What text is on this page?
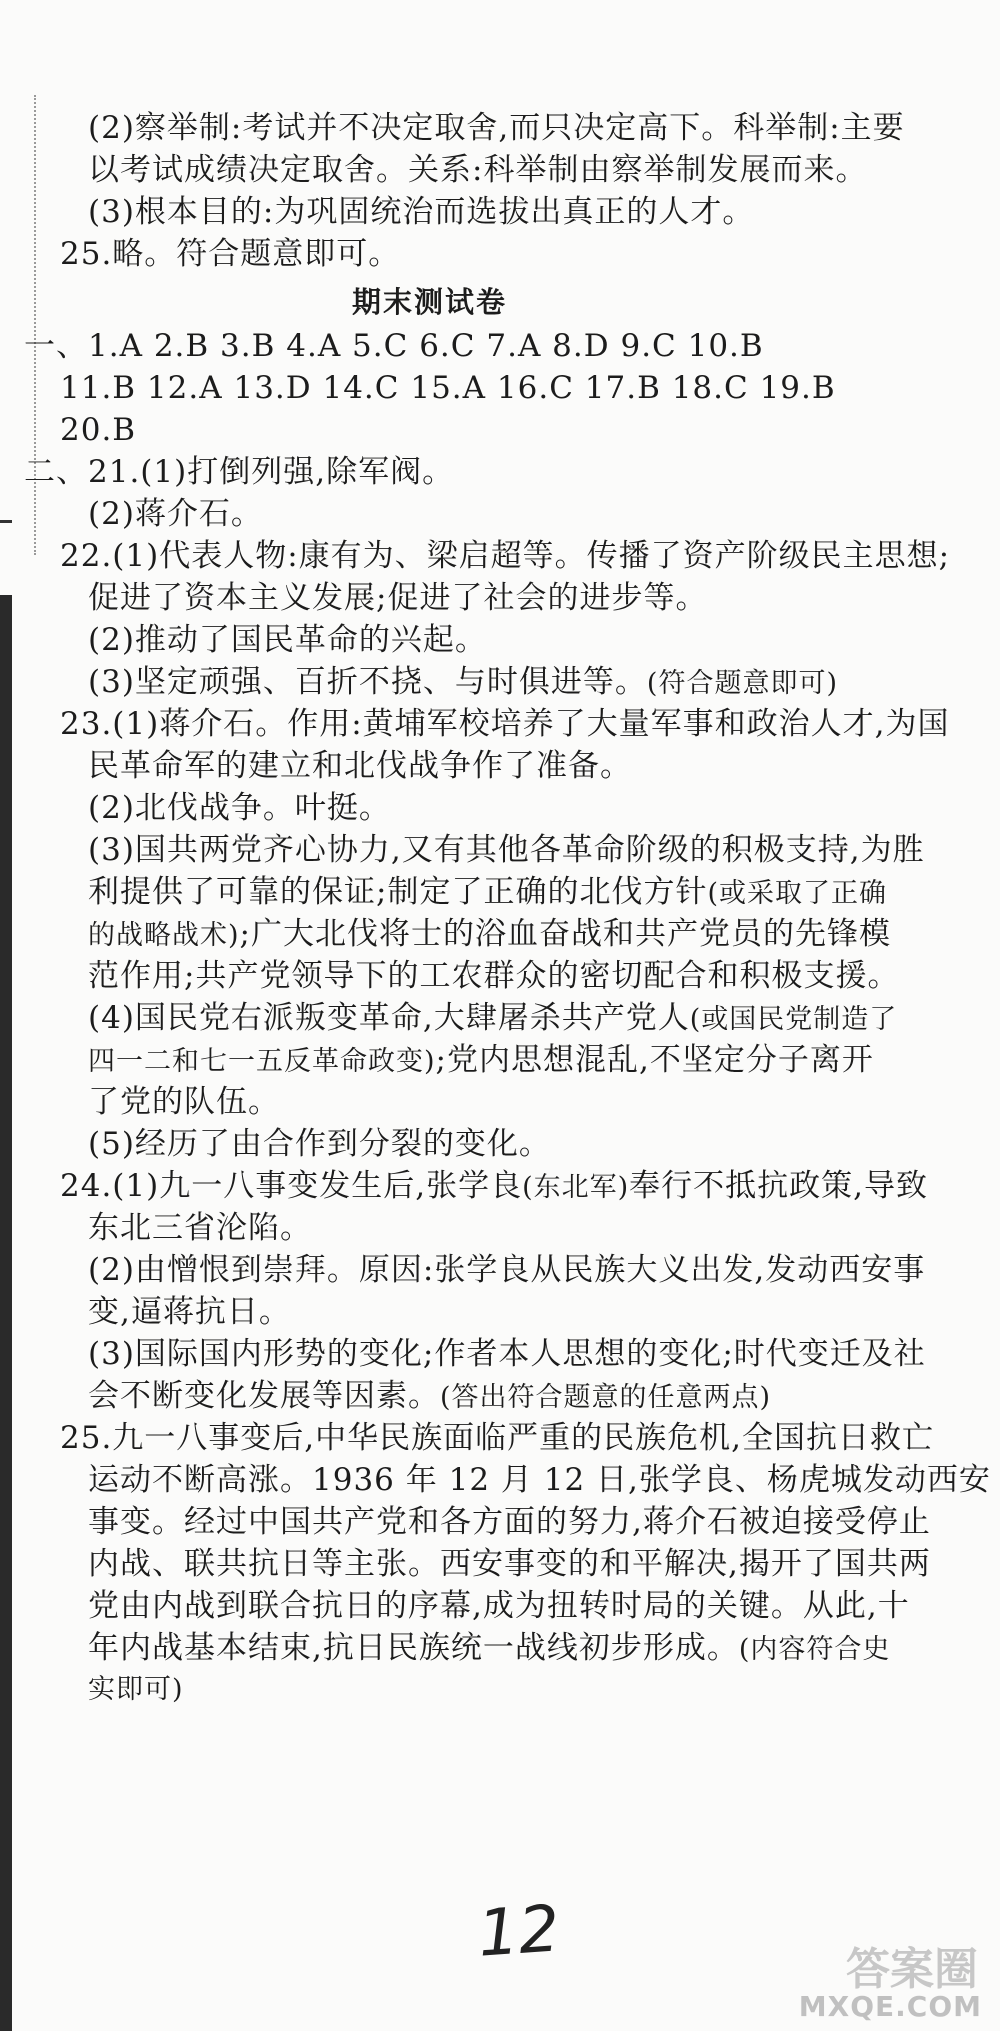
(2)察举制:考试并不决定取舍,而只决定高下。科举制:主要
以考试成绩决定取舍。关系:科举制由察举制发展而来。
(3)根本目的:为巩固统治而选拔出真正的人才。
25.略。符合题意即可。
期末测试卷
一、1.A 2.B 3.B 4.A 5.C 6.C 7.A 8.D 9.C 10.B
11.B 12.A 13.D 14.C 15.A 16.C 17.B 18.C 19.B
20.B
二、21.(1)打倒列强,除军阀。
(2)蒋介石。
22.(1)代表人物:康有为、梁启超等。传播了资产阶级民主思想;
促进了资本主义发展;促进了社会的进步等。
(2)推动了国民革命的兴起。
(3)坚定顽强、百折不挠、与时俱进等。(符合题意即可)
23.(1)蒋介石。作用:黄埔军校培养了大量军事和政治人才,为国
民革命军的建立和北伐战争作了准备。
(2)北伐战争。叶挺。
(3)国共两党齐心协力,又有其他各革命阶级的积极支持,为胜
利提供了可靠的保证;制定了正确的北伐方针(或采取了正确
的战略战术);广大北伐将士的浴血奋战和共产党员的先锋模
范作用;共产党领导下的工农群众的密切配合和积极支援。
(4)国民党右派叛变革命,大肆屠杀共产党人(或国民党制造了
四一二和七一五反革命政变);党内思想混乱,不坚定分子离开
了党的队伍。
(5)经历了由合作到分裂的变化。
24.(1)九一八事变发生后,张学良(东北军)奉行不抵抗政策,导致
东北三省沦陷。
(2)由憎恨到崇拜。原因:张学良从民族大义出发,发动西安事
变,逼蒋抗日。
(3)国际国内形势的变化;作者本人思想的变化;时代变迁及社
会不断变化发展等因素。(答出符合题意的任意两点)
25.九一八事变后,中华民族面临严重的民族危机,全国抗日救亡
运动不断高涨。1936 年 12 月 12 日,张学良、杨虎城发动西安
事变。经过中国共产党和各方面的努力,蒋介石被迫接受停止
内战、联共抗日等主张。西安事变的和平解决,揭开了国共两
党由内战到联合抗日的序幕,成为扭转时局的关键。从此,十
年内战基本结束,抗日民族统一战线初步形成。(内容符合史
实即可)
12	答案圈
MXQE.COM
